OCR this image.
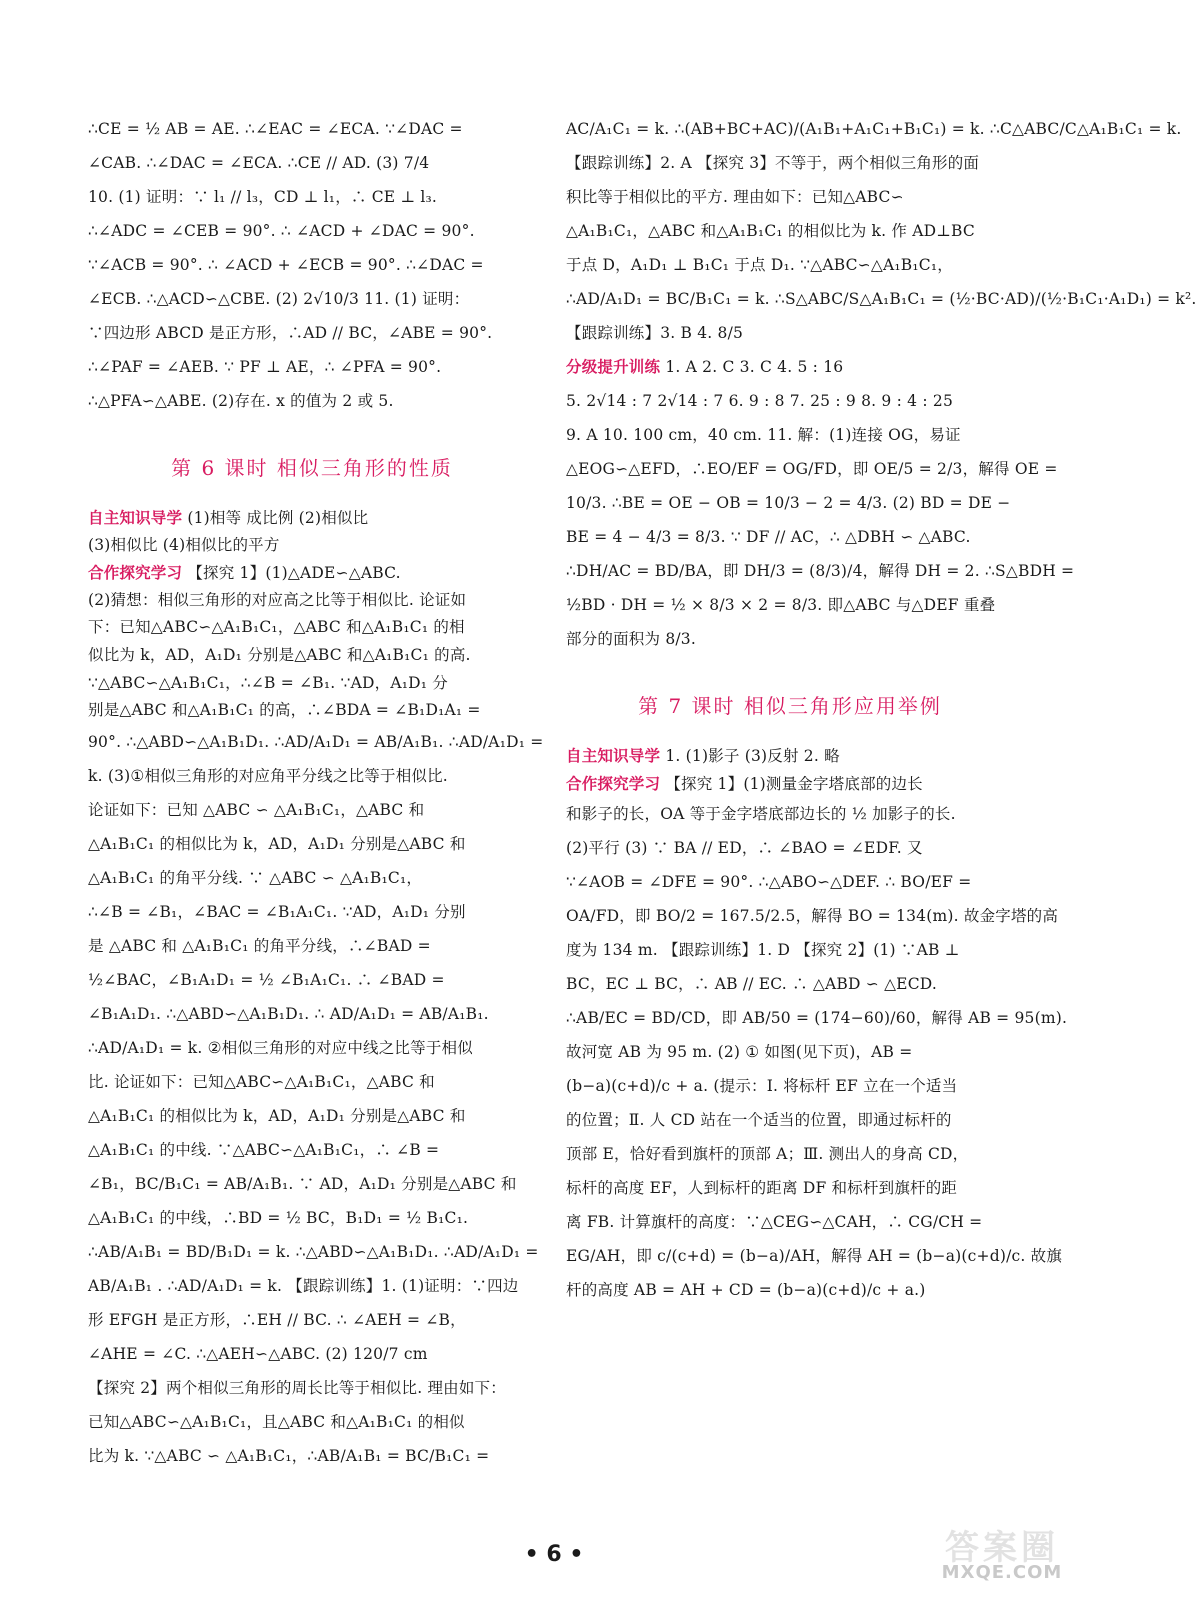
∴CE = ½ AB = AE. ∴∠EAC = ∠ECA. ∵∠DAC =
∠CAB. ∴∠DAC = ∠ECA. ∴CE // AD. (3) 7/4
10. (1) 证明：∵ l₁ // l₃，CD ⊥ l₁，∴ CE ⊥ l₃.
∴∠ADC = ∠CEB = 90°. ∴ ∠ACD + ∠DAC = 90°.
∵∠ACB = 90°. ∴ ∠ACD + ∠ECB = 90°. ∴∠DAC =
∠ECB. ∴△ACD∽△CBE. (2) 2√10/3 11. (1) 证明：
∵四边形 ABCD 是正方形，∴AD // BC，∠ABE = 90°.
∴∠PAF = ∠AEB. ∵ PF ⊥ AE，∴ ∠PFA = 90°.
∴△PFA∽△ABE. (2)存在. x 的值为 2 或 5.
第 6 课时 相似三角形的性质
自主知识导学 (1)相等 成比例 (2)相似比
(3)相似比 (4)相似比的平方
合作探究学习 【探究 1】(1)△ADE∽△ABC.
(2)猜想：相似三角形的对应高之比等于相似比. 论证如
下：已知△ABC∽△A₁B₁C₁，△ABC 和△A₁B₁C₁ 的相
似比为 k，AD，A₁D₁ 分别是△ABC 和△A₁B₁C₁ 的高.
∵△ABC∽△A₁B₁C₁，∴∠B = ∠B₁. ∵AD，A₁D₁ 分
别是△ABC 和△A₁B₁C₁ 的高，∴∠BDA = ∠B₁D₁A₁ =
90°. ∴△ABD∽△A₁B₁D₁. ∴AD/A₁D₁ = AB/A₁B₁. ∴AD/A₁D₁ =
k. (3)①相似三角形的对应角平分线之比等于相似比.
论证如下：已知 △ABC ∽ △A₁B₁C₁，△ABC 和
△A₁B₁C₁ 的相似比为 k，AD，A₁D₁ 分别是△ABC 和
△A₁B₁C₁ 的角平分线. ∵ △ABC ∽ △A₁B₁C₁，
∴∠B = ∠B₁，∠BAC = ∠B₁A₁C₁. ∵AD，A₁D₁ 分别
是 △ABC 和 △A₁B₁C₁ 的角平分线，∴∠BAD =
½∠BAC，∠B₁A₁D₁ = ½ ∠B₁A₁C₁. ∴ ∠BAD =
∠B₁A₁D₁. ∴△ABD∽△A₁B₁D₁. ∴ AD/A₁D₁ = AB/A₁B₁.
∴AD/A₁D₁ = k. ②相似三角形的对应中线之比等于相似
比. 论证如下：已知△ABC∽△A₁B₁C₁，△ABC 和
△A₁B₁C₁ 的相似比为 k，AD，A₁D₁ 分别是△ABC 和
△A₁B₁C₁ 的中线. ∵△ABC∽△A₁B₁C₁，∴ ∠B =
∠B₁，BC/B₁C₁ = AB/A₁B₁. ∵ AD，A₁D₁ 分别是△ABC 和
△A₁B₁C₁ 的中线，∴BD = ½ BC，B₁D₁ = ½ B₁C₁.
∴AB/A₁B₁ = BD/B₁D₁ = k. ∴△ABD∽△A₁B₁D₁. ∴AD/A₁D₁ =
AB/A₁B₁ . ∴AD/A₁D₁ = k. 【跟踪训练】1. (1)证明：∵四边
形 EFGH 是正方形，∴EH // BC. ∴ ∠AEH = ∠B，
∠AHE = ∠C. ∴△AEH∽△ABC. (2) 120/7 cm
【探究 2】两个相似三角形的周长比等于相似比. 理由如下：
已知△ABC∽△A₁B₁C₁，且△ABC 和△A₁B₁C₁ 的相似
比为 k. ∵△ABC ∽ △A₁B₁C₁，∴AB/A₁B₁ = BC/B₁C₁ =
AC/A₁C₁ = k. ∴(AB+BC+AC)/(A₁B₁+A₁C₁+B₁C₁) = k. ∴C△ABC/C△A₁B₁C₁ = k.
【跟踪训练】2. A 【探究 3】不等于，两个相似三角形的面
积比等于相似比的平方. 理由如下：已知△ABC∽
△A₁B₁C₁，△ABC 和△A₁B₁C₁ 的相似比为 k. 作 AD⊥BC
于点 D，A₁D₁ ⊥ B₁C₁ 于点 D₁. ∵△ABC∽△A₁B₁C₁，
∴AD/A₁D₁ = BC/B₁C₁ = k. ∴S△ABC/S△A₁B₁C₁ = (½·BC·AD)/(½·B₁C₁·A₁D₁) = k².
【跟踪训练】3. B 4. 8/5
分级提升训练 1. A 2. C 3. C 4. 5 : 16
5. 2√14 : 7 2√14 : 7 6. 9 : 8 7. 25 : 9 8. 9 : 4 : 25
9. A 10. 100 cm，40 cm. 11. 解：(1)连接 OG，易证
△EOG∽△EFD，∴EO/EF = OG/FD，即 OE/5 = 2/3，解得 OE =
10/3. ∴BE = OE − OB = 10/3 − 2 = 4/3. (2) BD = DE −
BE = 4 − 4/3 = 8/3. ∵ DF // AC，∴ △DBH ∽ △ABC.
∴DH/AC = BD/BA，即 DH/3 = (8/3)/4，解得 DH = 2. ∴S△BDH =
½BD · DH = ½ × 8/3 × 2 = 8/3. 即△ABC 与△DEF 重叠
部分的面积为 8/3.
第 7 课时 相似三角形应用举例
自主知识导学 1. (1)影子 (3)反射 2. 略
合作探究学习 【探究 1】(1)测量金字塔底部的边长
和影子的长，OA 等于金字塔底部边长的 ½ 加影子的长.
(2)平行 (3) ∵ BA // ED，∴ ∠BAO = ∠EDF. 又
∵∠AOB = ∠DFE = 90°. ∴△ABO∽△DEF. ∴ BO/EF =
OA/FD，即 BO/2 = 167.5/2.5，解得 BO = 134(m). 故金字塔的高
度为 134 m. 【跟踪训练】1. D 【探究 2】(1) ∵AB ⊥
BC，EC ⊥ BC，∴ AB // EC. ∴ △ABD ∽ △ECD.
∴AB/EC = BD/CD，即 AB/50 = (174−60)/60，解得 AB = 95(m).
故河宽 AB 为 95 m. (2) ① 如图(见下页)，AB =
(b−a)(c+d)/c + a. (提示：Ⅰ. 将标杆 EF 立在一个适当
的位置；Ⅱ. 人 CD 站在一个适当的位置，即通过标杆的
顶部 E，恰好看到旗杆的顶部 A；Ⅲ. 测出人的身高 CD，
标杆的高度 EF，人到标杆的距离 DF 和标杆到旗杆的距
离 FB. 计算旗杆的高度：∵△CEG∽△CAH，∴ CG/CH =
EG/AH，即 c/(c+d) = (b−a)/AH，解得 AH = (b−a)(c+d)/c. 故旗
杆的高度 AB = AH + CD = (b−a)(c+d)/c + a.)
• 6 •	答案圈
MXQE.COM
